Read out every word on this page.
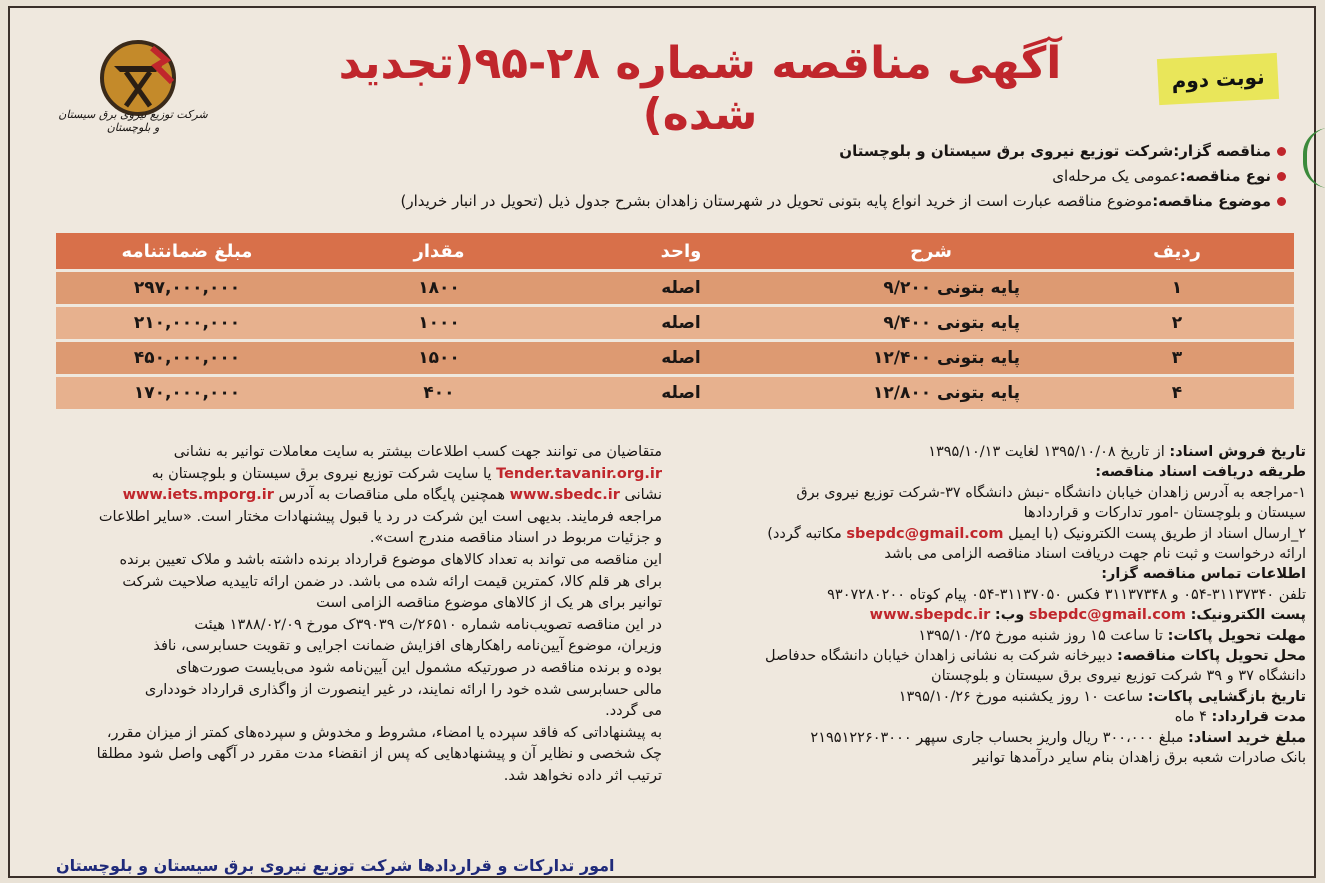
شرکت توزیع نیروی برق سیستان و بلوچستان
آگهی مناقصه شماره ۲۸-۹۵(تجدید شده)
نوبت دوم
مناقصه گزار:شرکت توزیع نیروی برق سیستان و بلوچستان
نوع مناقصه:عمومی یک مرحله‌ای
موضوع مناقصه:موضوع مناقصه عبارت است از خرید انواع پایه بتونی تحویل در شهرستان زاهدان بشرح جدول ذیل (تحویل در انبار خریدار)
ردیف	شرح	واحد	مقدار	مبلغ ضمانتنامه
۱	پایه بتونی ۹/۲۰۰	اصله	۱۸۰۰	۲۹۷,۰۰۰,۰۰۰
۲	پایه بتونی ۹/۴۰۰	اصله	۱۰۰۰	۲۱۰,۰۰۰,۰۰۰
۳	پایه بتونی ۱۲/۴۰۰	اصله	۱۵۰۰	۴۵۰,۰۰۰,۰۰۰
۴	پایه بتونی ۱۲/۸۰۰	اصله	۴۰۰	۱۷۰,۰۰۰,۰۰۰
تاریخ فروش اسناد: از تاریخ ۱۳۹۵/۱۰/۰۸ لغایت ۱۳۹۵/۱۰/۱۳
طریقه دریافت اسناد مناقصه:
۱-مراجعه به آدرس زاهدان خیابان دانشگاه -نبش دانشگاه ۳۷-شرکت توزیع نیروی برق
سیستان و بلوچستان -امور تدارکات و قراردادها
۲_ارسال اسناد از طریق پست الکترونیک (با ایمیل sbepdc@gmail.com مکاتبه گردد)
ارائه درخواست و ثبت نام جهت دریافت اسناد مناقصه الزامی می باشد
اطلاعات تماس مناقصه گزار:
تلفن ۳۱۱۳۷۳۴۰-۰۵۴ و ۳۱۱۳۷۳۴۸ فکس ۳۱۱۳۷۰۵۰-۰۵۴ پیام کوتاه ۹۳۰۷۲۸۰۲۰۰
پست الکترونیک: sbepdc@gmail.com وب: www.sbepdc.ir
مهلت تحویل پاکات: تا ساعت ۱۵ روز شنبه مورخ ۱۳۹۵/۱۰/۲۵
محل تحویل پاکات مناقصه: دبیرخانه شرکت به نشانی زاهدان خیابان دانشگاه حدفاصل
دانشگاه ۳۷ و ۳۹ شرکت توزیع نیروی برق سیستان و بلوچستان
تاریخ بازگشایی پاکات: ساعت ۱۰ روز یکشنبه مورخ ۱۳۹۵/۱۰/۲۶
مدت قرارداد: ۴ ماه
مبلغ خرید اسناد: مبلغ ۳۰۰،۰۰۰ ریال واریز بحساب جاری سپهر ۲۱۹۵۱۲۲۶۰۳۰۰۰
بانک صادرات شعبه برق زاهدان بنام سایر درآمدها توانیر
متقاضیان می توانند جهت کسب اطلاعات بیشتر به سایت معاملات توانیر به نشانی
Tender.tavanir.org.ir یا سایت شرکت توزیع نیروی برق سیستان و بلوچستان به
نشانی www.sbedc.ir همچنین پایگاه ملی مناقصات به آدرس www.iets.mporg.ir
مراجعه فرمایند. بدیهی است این شرکت در رد یا قبول پیشنهادات مختار است. «سایر اطلاعات
و جزئیات مربوط در اسناد مناقصه مندرج است».
این مناقصه می تواند به تعداد کالاهای موضوع قرارداد برنده داشته باشد و ملاک تعیین برنده
برای هر قلم کالا، کمترین قیمت ارائه شده می باشد. در ضمن ارائه تاییدیه صلاحیت شرکت
توانیر برای هر یک از کالاهای موضوع مناقصه الزامی است
در این مناقصه تصویب‌نامه شماره ۲۶۵۱۰/ت ۳۹۰۳۹ک مورخ ۱۳۸۸/۰۲/۰۹ هیئت
وزیران، موضوع آیین‌نامه راهکارهای افزایش ضمانت اجرایی و تقویت حسابرسی، نافذ
بوده و برنده مناقصه در صورتیکه مشمول این آیین‌نامه شود می‌بایست صورت‌های
مالی حسابرسی شده خود را ارائه نمایند، در غیر اینصورت از واگذاری قرارداد خودداری
می گردد.
به پیشنهاداتی که فاقد سپرده یا امضاء، مشروط و مخدوش و سپرده‌های کمتر از میزان مقرر،
چک شخصی و نظایر آن و پیشنهادهایی که پس از انقضاء مدت مقرر در آگهی واصل شود مطلقا
ترتیب اثر داده نخواهد شد.
امور تدارکات و قراردادها شرکت توزیع نیروی برق سیستان و بلوچستان
